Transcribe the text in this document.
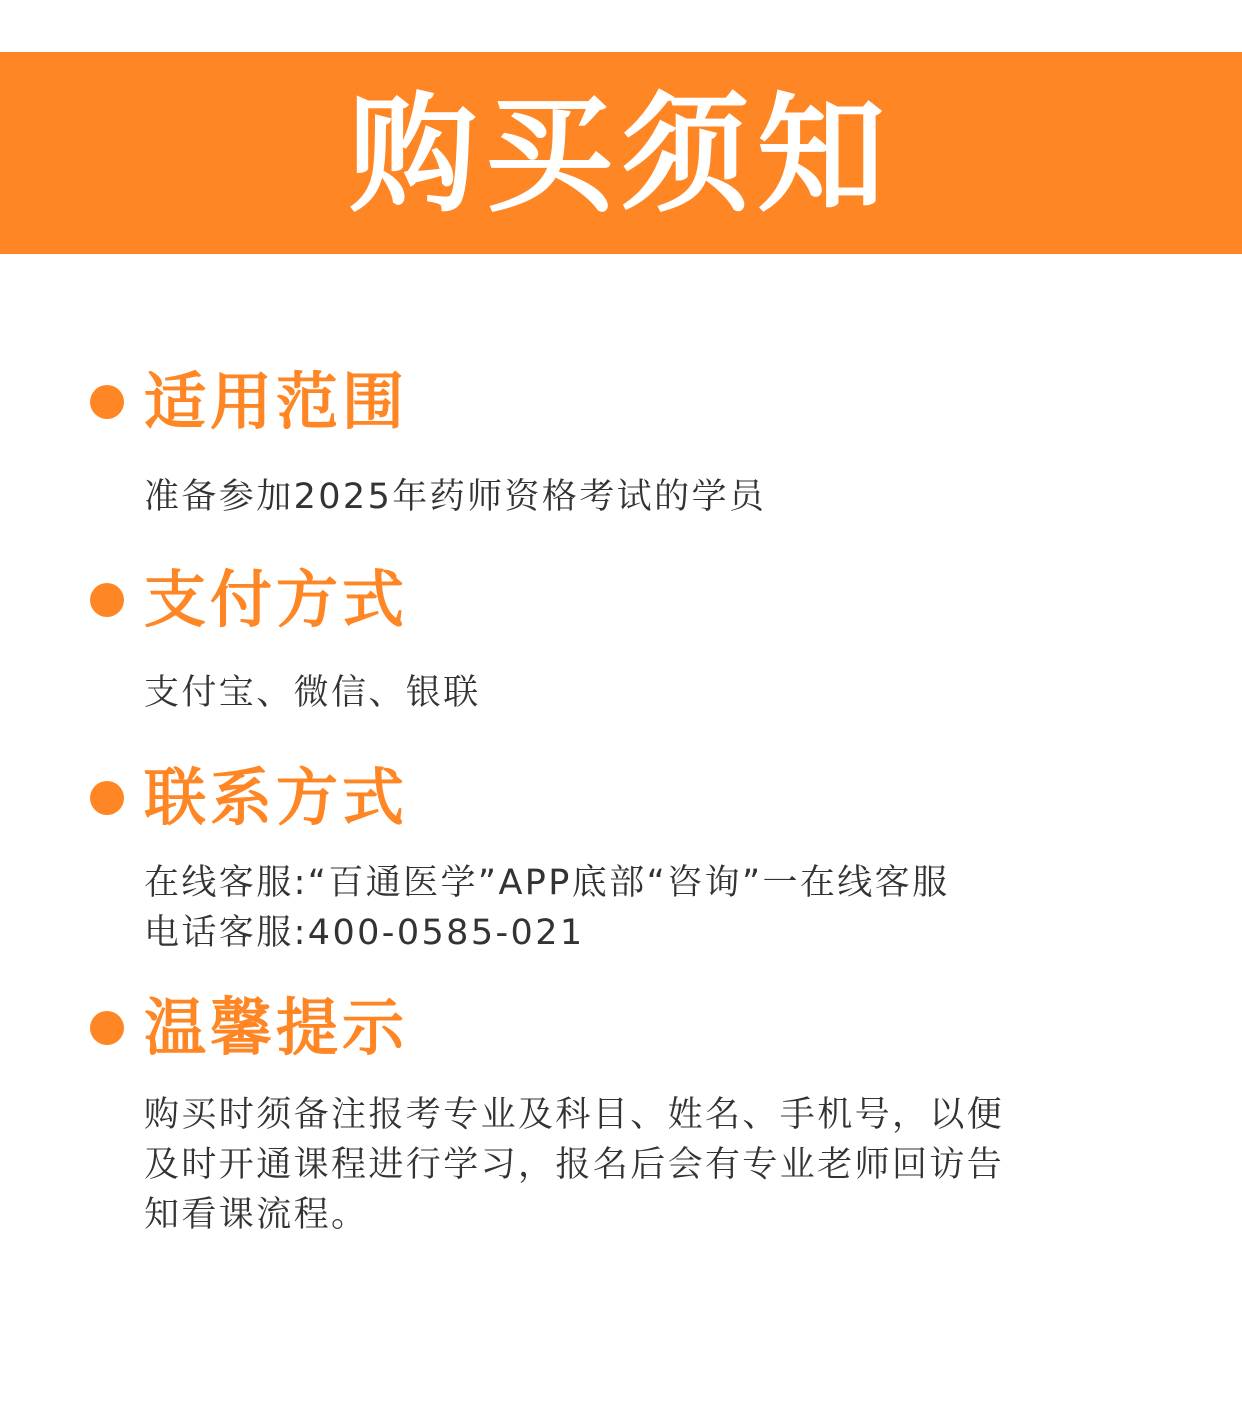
购买须知
适用范围
准备参加2025年药师资格考试的学员
支付方式
支付宝、微信、银联
联系方式
在线客服:“百通医学”APP底部“咨询”一在线客服
电话客服:400-0585-021
温馨提示
购买时须备注报考专业及科目、姓名、手机号，以便
及时开通课程进行学习，报名后会有专业老师回访告
知看课流程。
